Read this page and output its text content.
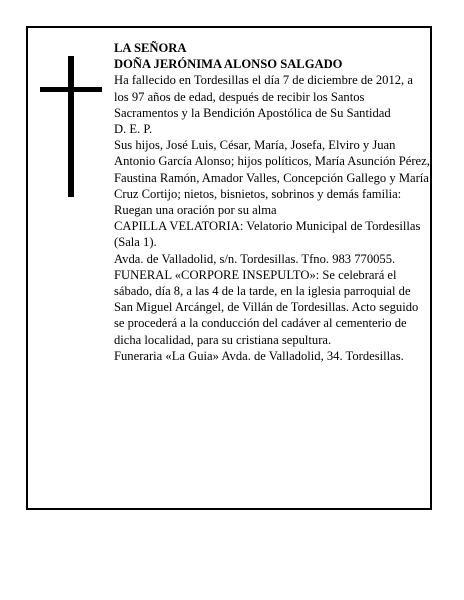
LA SEÑORA

DOÑA JERÓNIMA ALONSO SALGADO

Ha fallecido en Tordesillas el día 7 de diciembre de 2012, a los 97 años de edad, después de recibir los Santos Sacramentos y la Bendición Apostólica de Su Santidad

D. E. P.

Sus hijos, José Luis, César, María, Josefa, Elviro y Juan Antonio García Alonso; hijos políticos, María Asunción Pérez, Faustina Ramón, Amador Valles, Concepción Gallego y María Cruz Cortijo; nietos, bisnietos, sobrinos y demás familia:

Ruegan una oración por su alma

CAPILLA VELATORIA: Velatorio Municipal de Tordesillas (Sala 1).

Avda. de Valladolid, s/n. Tordesillas. Tfno. 983 770055.

FUNERAL «CORPORE INSEPULTO»: Se celebrará el sábado, día 8, a las 4 de la tarde, en la iglesia parroquial de San Miguel Arcángel, de Villán de Tordesillas. Acto seguido se procederá a la conducción del cadáver al cementerio de dicha localidad, para su cristiana sepultura.

Funeraria «La Guia» Avda. de Valladolid, 34. Tordesillas.
